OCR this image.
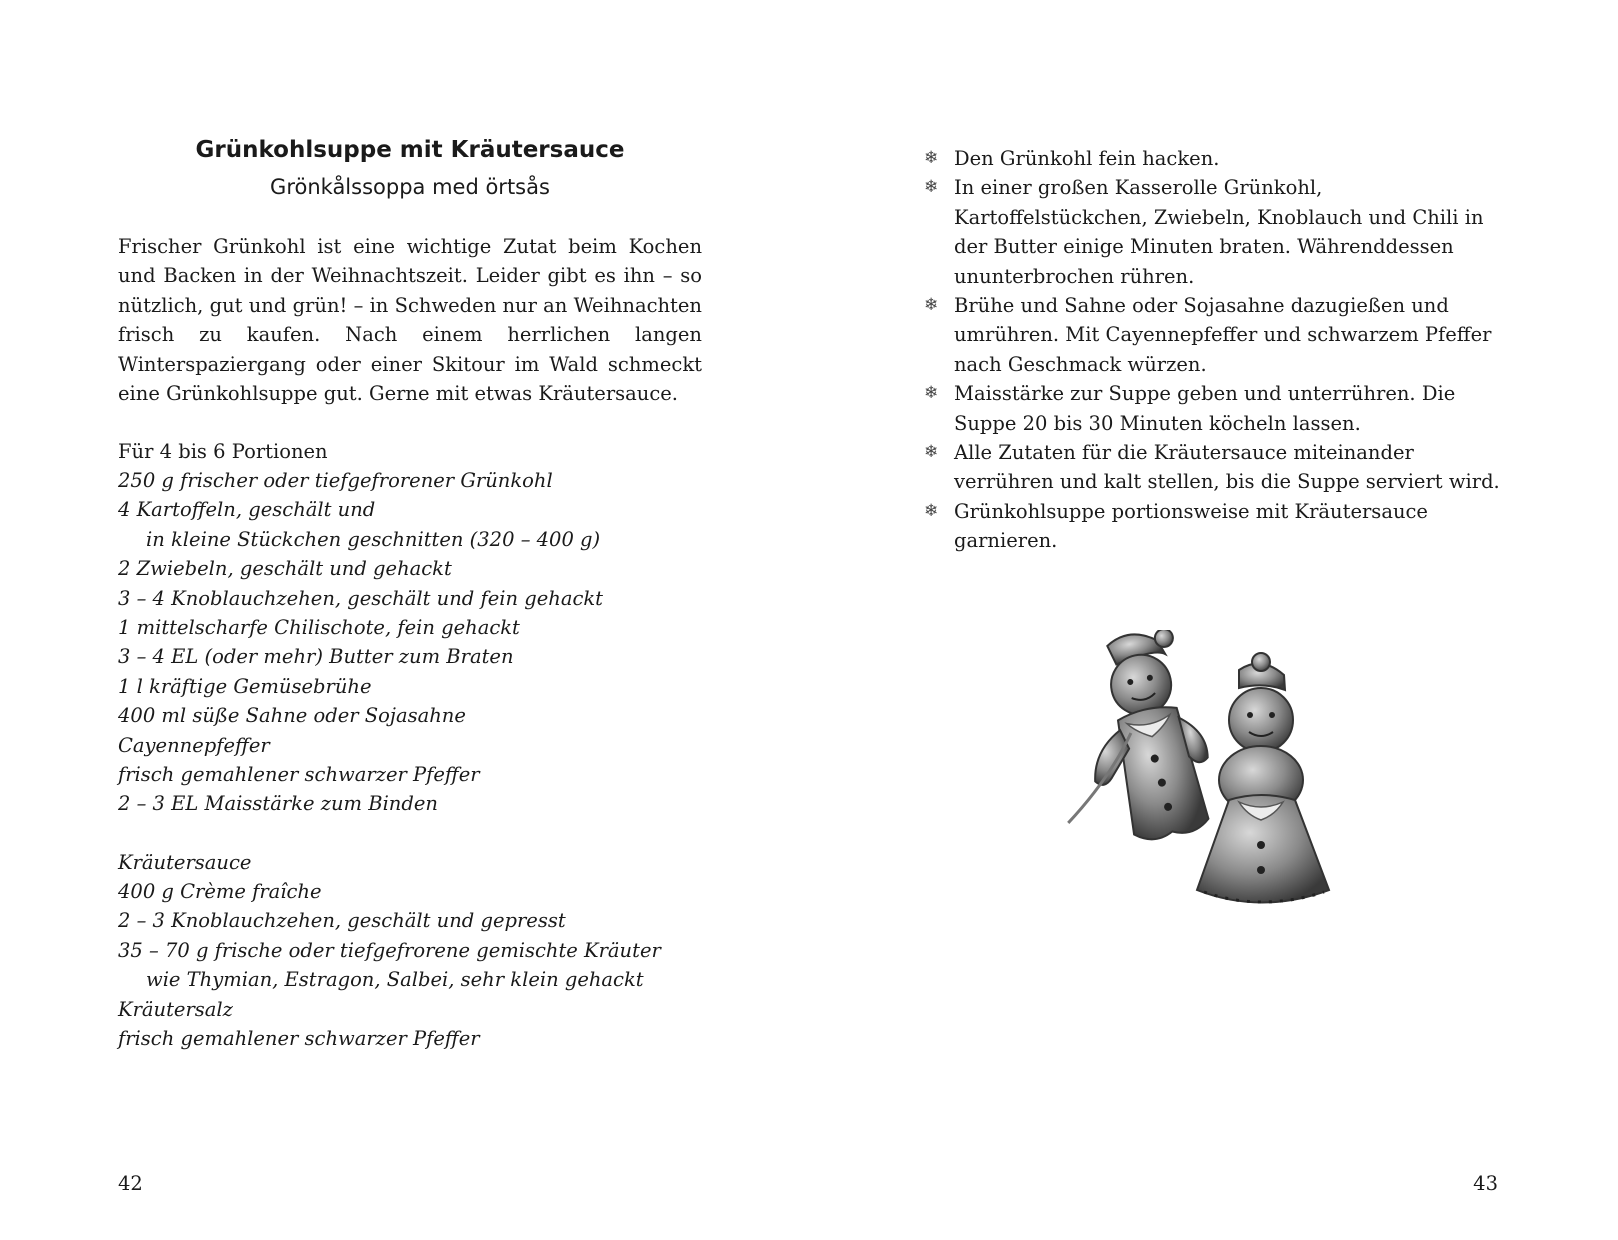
Grünkohlsuppe mit Kräutersauce
Grönkålssoppa med örtsås

Frischer Grünkohl ist eine wichtige Zutat beim Kochen und Backen in der Weihnachtszeit. Leider gibt es ihn – so nützlich, gut und grün! – in Schweden nur an Weihnachten frisch zu kaufen. Nach einem herrlichen langen Winterspaziergang oder einer Skitour im Wald schmeckt eine Grünkohlsuppe gut. Gerne mit etwas Kräutersauce.

Für 4 bis 6 Portionen

250 g frischer oder tiefgefrorener Grünkohl
4 Kartoffeln, geschält und
in kleine Stückchen geschnitten (320 – 400 g)
2 Zwiebeln, geschält und gehackt
3 – 4 Knoblauchzehen, geschält und fein gehackt
1 mittelscharfe Chilischote, fein gehackt
3 – 4 EL (oder mehr) Butter zum Braten
1 l kräftige Gemüsebrühe
400 ml süße Sahne oder Sojasahne
Cayennepfeffer
frisch gemahlener schwarzer Pfeffer
2 – 3 EL Maisstärke zum Binden

Kräutersauce

400 g Crème fraîche
2 – 3 Knoblauchzehen, geschält und gepresst
35 – 70 g frische oder tiefgefrorene gemischte Kräuter
wie Thymian, Estragon, Salbei, sehr klein gehackt
Kräutersalz
frisch gemahlener schwarzer Pfeffer
42
❄ Den Grünkohl fein hacken.
❄ In einer großen Kasserolle Grünkohl, Kartoffelstückchen, Zwiebeln, Knoblauch und Chili in der Butter einige Minuten braten. Währenddessen ununterbrochen rühren.
❄ Brühe und Sahne oder Sojasahne dazugießen und umrühren. Mit Cayennepfeffer und schwarzem Pfeffer nach Geschmack würzen.
❄ Maisstärke zur Suppe geben und unterrühren. Die Suppe 20 bis 30 Minuten köcheln lassen.
❄ Alle Zutaten für die Kräutersauce miteinander verrühren und kalt stellen, bis die Suppe serviert wird.
❄ Grünkohlsuppe portionsweise mit Kräutersauce garnieren.
43
